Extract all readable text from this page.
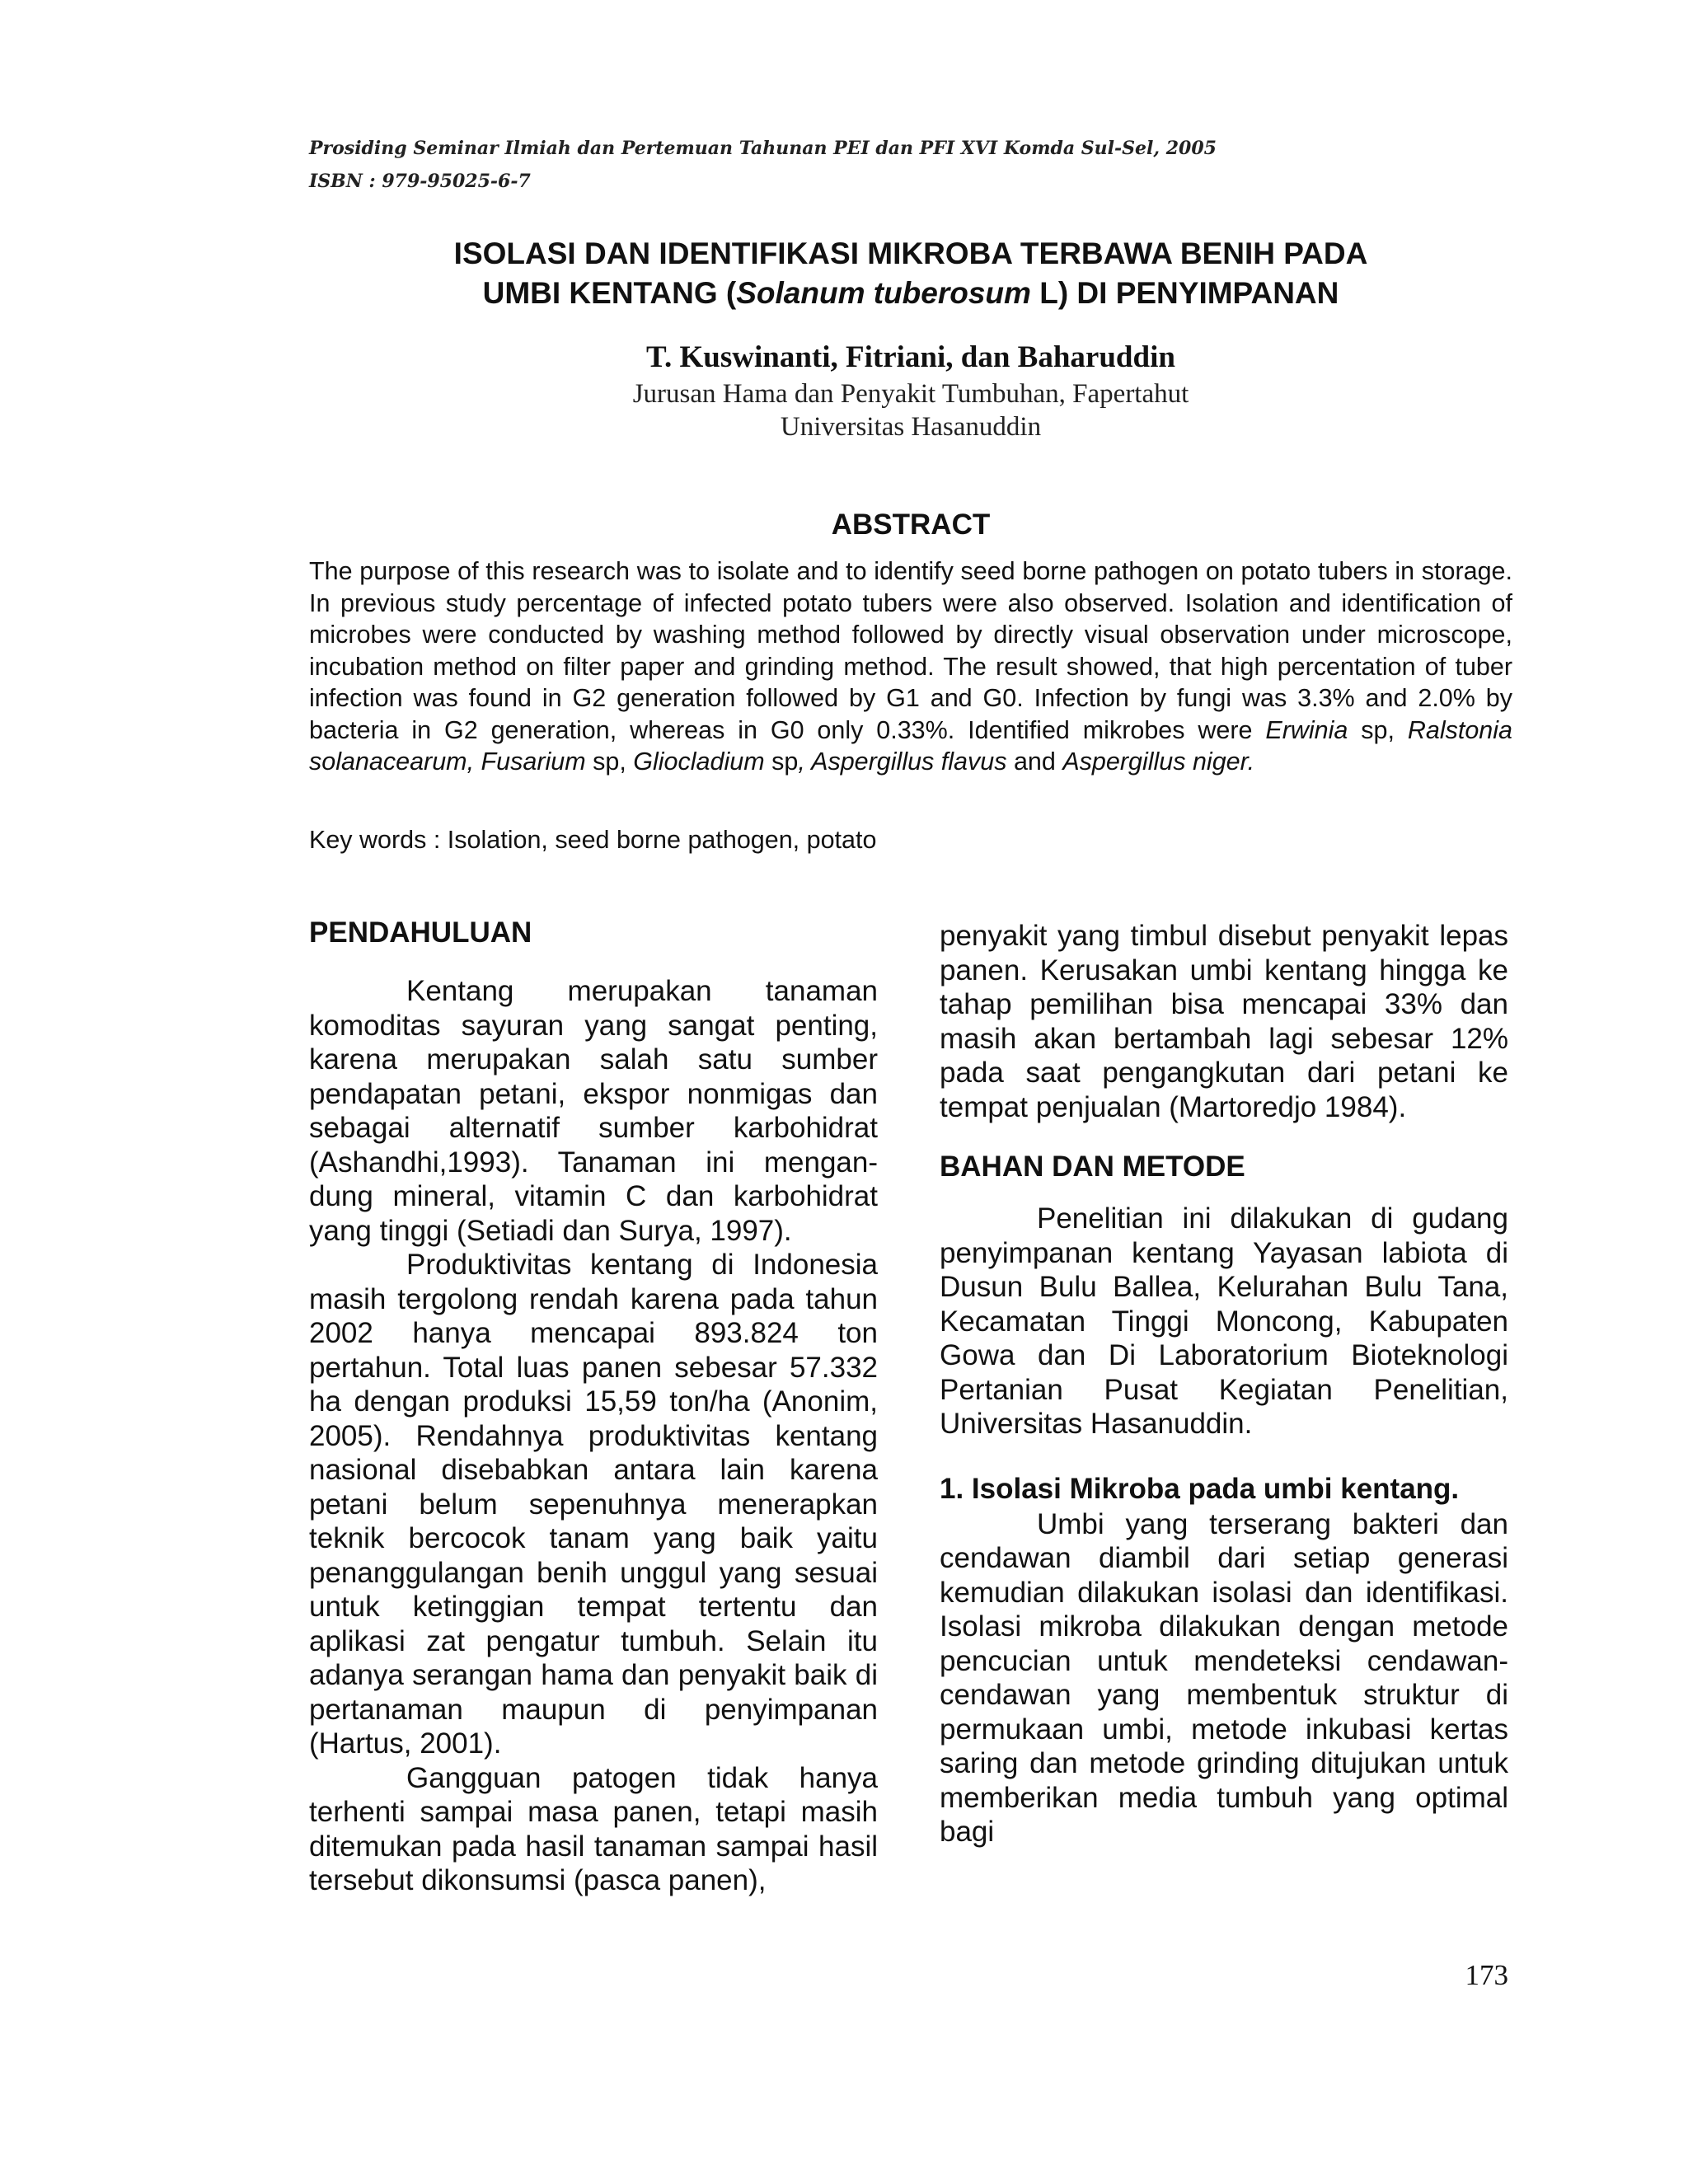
Prosiding Seminar Ilmiah dan Pertemuan Tahunan PEI dan PFI XVI Komda Sul-Sel, 2005
ISBN : 979-95025-6-7
ISOLASI DAN IDENTIFIKASI MIKROBA TERBAWA BENIH PADA
UMBI KENTANG (Solanum tuberosum L) DI PENYIMPANAN
T. Kuswinanti, Fitriani, dan Baharuddin
Jurusan Hama dan Penyakit Tumbuhan, Fapertahut
Universitas Hasanuddin
ABSTRACT
The purpose of this research was to isolate and to identify seed borne pathogen on potato tubers in storage. In previous study percentage of infected potato tubers were also observed. Isolation and identification of microbes were conducted by washing method followed by directly visual observation under microscope, incubation method on filter paper and grinding method. The result showed, that high percentation of tuber infection was found in G2 generation followed by G1 and G0. Infection by fungi was 3.3% and 2.0% by bacteria in G2 generation, whereas in G0 only 0.33%. Identified mikrobes were Erwinia sp, Ralstonia solanacearum, Fusarium sp, Gliocladium sp, Aspergillus flavus and Aspergillus niger.
Key words : Isolation, seed borne pathogen, potato

PENDAHULUAN

Kentang merupakan tanaman komoditas sayuran yang sangat penting, karena merupakan salah satu sumber pendapatan petani, ekspor nonmigas dan sebagai alternatif sumber karbohidrat (Ashandhi,1993). Tanaman ini mengan-dung mineral, vitamin C dan karbohidrat yang tinggi (Setiadi dan Surya, 1997).

Produktivitas kentang di Indonesia masih tergolong rendah karena pada tahun 2002 hanya mencapai 893.824 ton pertahun. Total luas panen sebesar 57.332 ha dengan produksi 15,59 ton/ha (Anonim, 2005). Rendahnya produktivitas kentang nasional disebabkan antara lain karena petani belum sepenuhnya menerapkan teknik bercocok tanam yang baik yaitu penanggulangan benih unggul yang sesuai untuk ketinggian tempat tertentu dan aplikasi zat pengatur tumbuh. Selain itu adanya serangan hama dan penyakit baik di pertanaman maupun di penyimpanan (Hartus, 2001).

Gangguan patogen tidak hanya terhenti sampai masa panen, tetapi masih ditemukan pada hasil tanaman sampai hasil tersebut dikonsumsi (pasca panen),

penyakit yang timbul disebut penyakit lepas panen. Kerusakan umbi kentang hingga ke tahap pemilihan bisa mencapai 33% dan masih akan bertambah lagi sebesar 12% pada saat pengangkutan dari petani ke tempat penjualan (Martoredjo 1984).

BAHAN DAN METODE

Penelitian ini dilakukan di gudang penyimpanan kentang Yayasan labiota di Dusun Bulu Ballea, Kelurahan Bulu Tana, Kecamatan Tinggi Moncong, Kabupaten Gowa dan Di Laboratorium Bioteknologi Pertanian Pusat Kegiatan Penelitian, Universitas Hasanuddin.

1. Isolasi Mikroba pada umbi kentang.

Umbi yang terserang bakteri dan cendawan diambil dari setiap generasi kemudian dilakukan isolasi dan identifikasi. Isolasi mikroba dilakukan dengan metode pencucian untuk mendeteksi cendawan-cendawan yang membentuk struktur di permukaan umbi, metode inkubasi kertas saring dan metode grinding ditujukan untuk memberikan media tumbuh yang optimal bagi

173
